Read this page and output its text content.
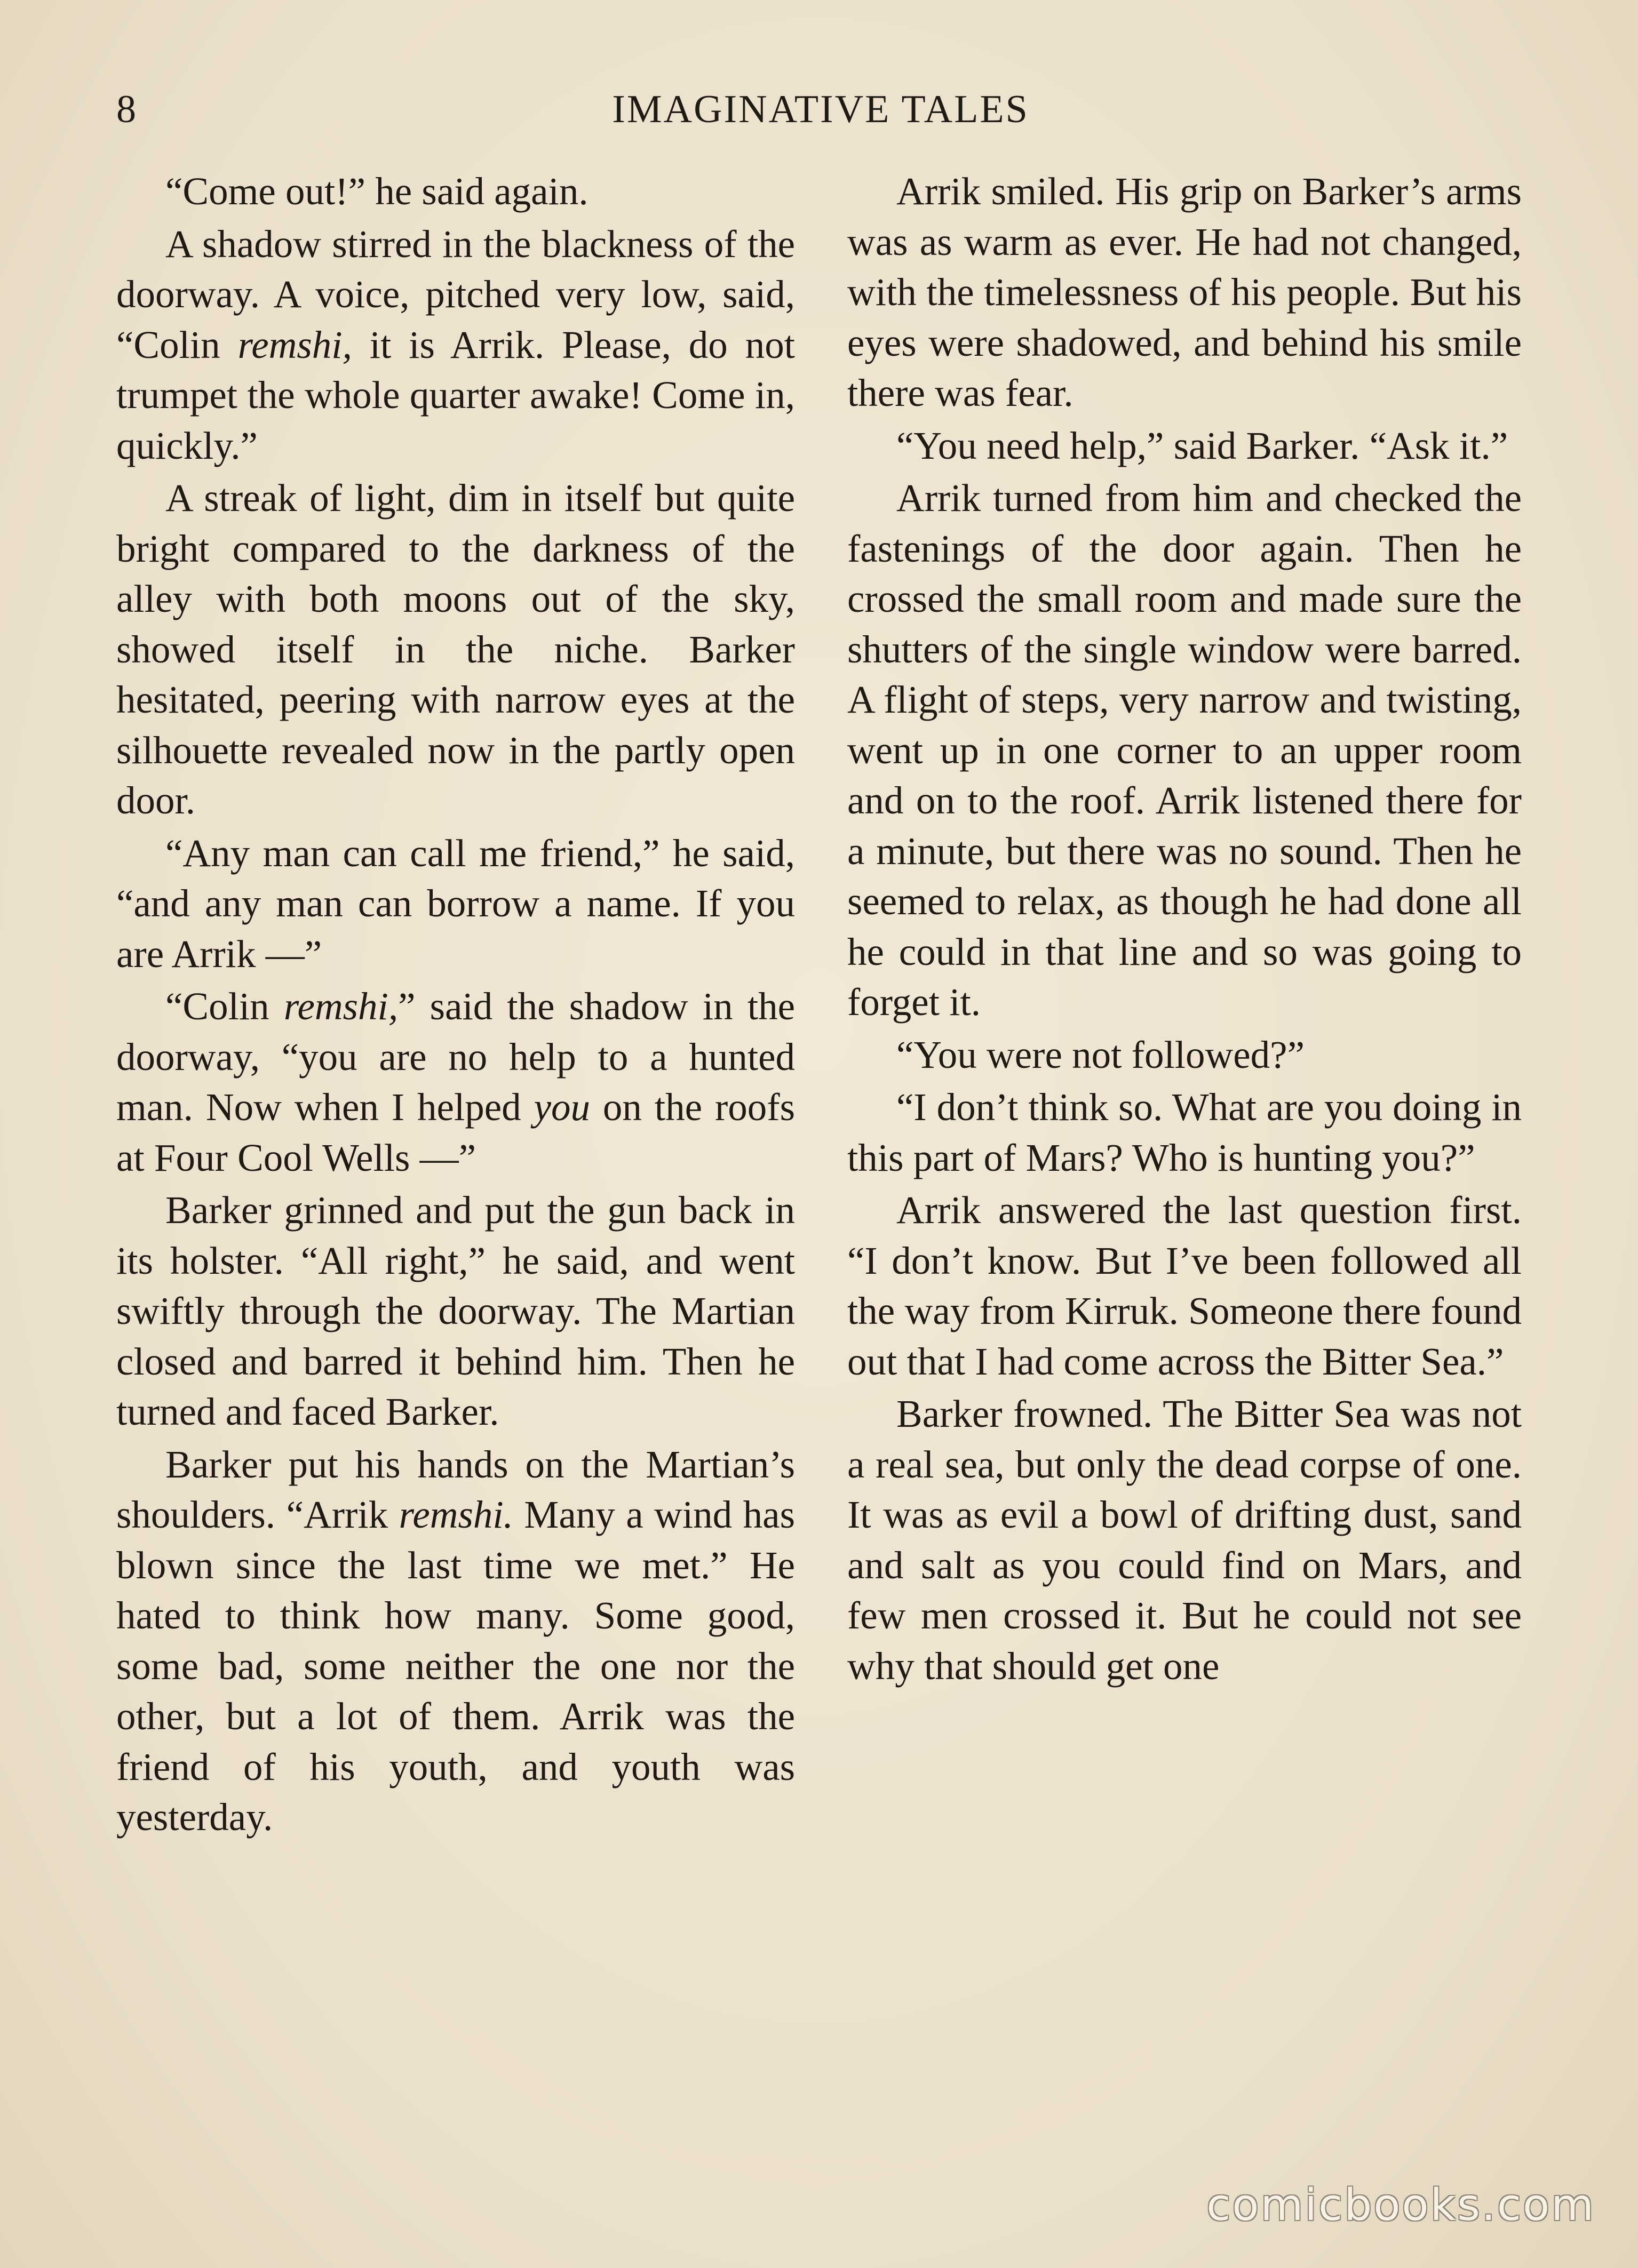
8	IMAGINATIVE TALES

“Come out!” he said again.

A shadow stirred in the blackness of the doorway. A voice, pitched very low, said, “Colin remshi, it is Arrik. Please, do not trumpet the whole quarter awake! Come in, quickly.”

A streak of light, dim in itself but quite bright compared to the darkness of the alley with both moons out of the sky, showed itself in the niche. Barker hesitated, peering with narrow eyes at the silhouette revealed now in the partly open door.

“Any man can call me friend,” he said, “and any man can borrow a name. If you are Arrik —”

“Colin remshi,” said the shadow in the doorway, “you are no help to a hunted man. Now when I helped you on the roofs at Four Cool Wells —”

Barker grinned and put the gun back in its holster. “All right,” he said, and went swiftly through the doorway. The Martian closed and barred it behind him. Then he turned and faced Barker.

Barker put his hands on the Martian’s shoulders. “Arrik remshi. Many a wind has blown since the last time we met.” He hated to think how many. Some good, some bad, some neither the one nor the other, but a lot of them. Arrik was the friend of his youth, and youth was yesterday.

Arrik smiled. His grip on Barker’s arms was as warm as ever. He had not changed, with the timelessness of his people. But his eyes were shadowed, and behind his smile there was fear.

“You need help,” said Barker. “Ask it.”

Arrik turned from him and checked the fastenings of the door again. Then he crossed the small room and made sure the shutters of the single window were barred. A flight of steps, very narrow and twisting, went up in one corner to an upper room and on to the roof. Arrik listened there for a minute, but there was no sound. Then he seemed to relax, as though he had done all he could in that line and so was going to forget it.

“You were not followed?”

“I don’t think so. What are you doing in this part of Mars? Who is hunting you?”

Arrik answered the last question first. “I don’t know. But I’ve been followed all the way from Kirruk. Someone there found out that I had come across the Bitter Sea.”

Barker frowned. The Bitter Sea was not a real sea, but only the dead corpse of one. It was as evil a bowl of drifting dust, sand and salt as you could find on Mars, and few men crossed it. But he could not see why that should get one

comicbooks.com
